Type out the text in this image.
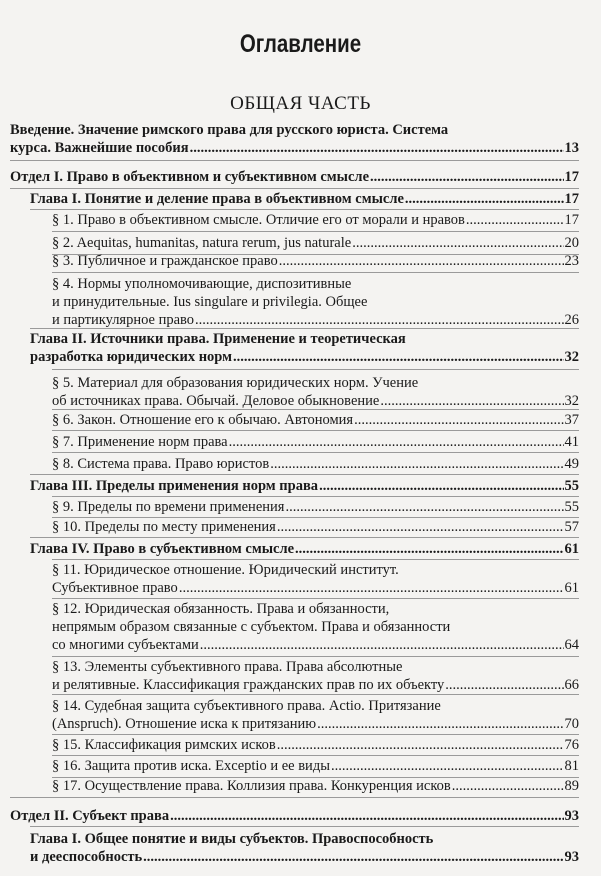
Оглавление
ОБЩАЯ ЧАСТЬ
Введение. Значение римского права для русского юриста. Система
курса. Важнейшие пособия .....	13
Отдел I. Право в объективном и субъективном смысле .....	17
Глава I. Понятие и деление права в объективном смысле .....	17
§ 1. Право в объективном смысле. Отличие его от морали и нравов .....	17
§ 2. Aequitas, humanitas, natura rerum, jus naturale .....	20
§ 3. Публичное и гражданское право .....	23
§ 4. Нормы уполномочивающие, диспозитивные
и принудительные. Ius singulare и privilegia. Общее
и партикулярное право .....	26
Глава II. Источники права. Применение и теоретическая
разработка юридических норм .....	32
§ 5. Материал для образования юридических норм. Учение
об источниках права. Обычай. Деловое обыкновение .....	32
§ 6. Закон. Отношение его к обычаю. Автономия .....	37
§ 7. Применение норм права .....	41
§ 8. Система права. Право юристов .....	49
Глава III. Пределы применения норм права .....	55
§ 9. Пределы по времени применения .....	55
§ 10. Пределы по месту применения .....	57
Глава IV. Право в субъективном смысле .....	61
§ 11. Юридическое отношение. Юридический институт.
Субъективное право .....	61
§ 12. Юридическая обязанность. Права и обязанности,
непрямым образом связанные с субъектом. Права и обязанности
со многими субъектами .....	64
§ 13. Элементы субъективного права. Права абсолютные
и релятивные. Классификация гражданских прав по их объекту .....	66
§ 14. Судебная защита субъективного права. Actio. Притязание
(Anspruch). Отношение иска к притязанию .....	70
§ 15. Классификация римских исков .....	76
§ 16. Защита против иска. Exceptio и ее виды .....	81
§ 17. Осуществление права. Коллизия права. Конкуренция исков .....	89
Отдел II. Субъект права .....	93
Глава I. Общее понятие и виды субъектов. Правоспособность
и дееспособность .....	93
